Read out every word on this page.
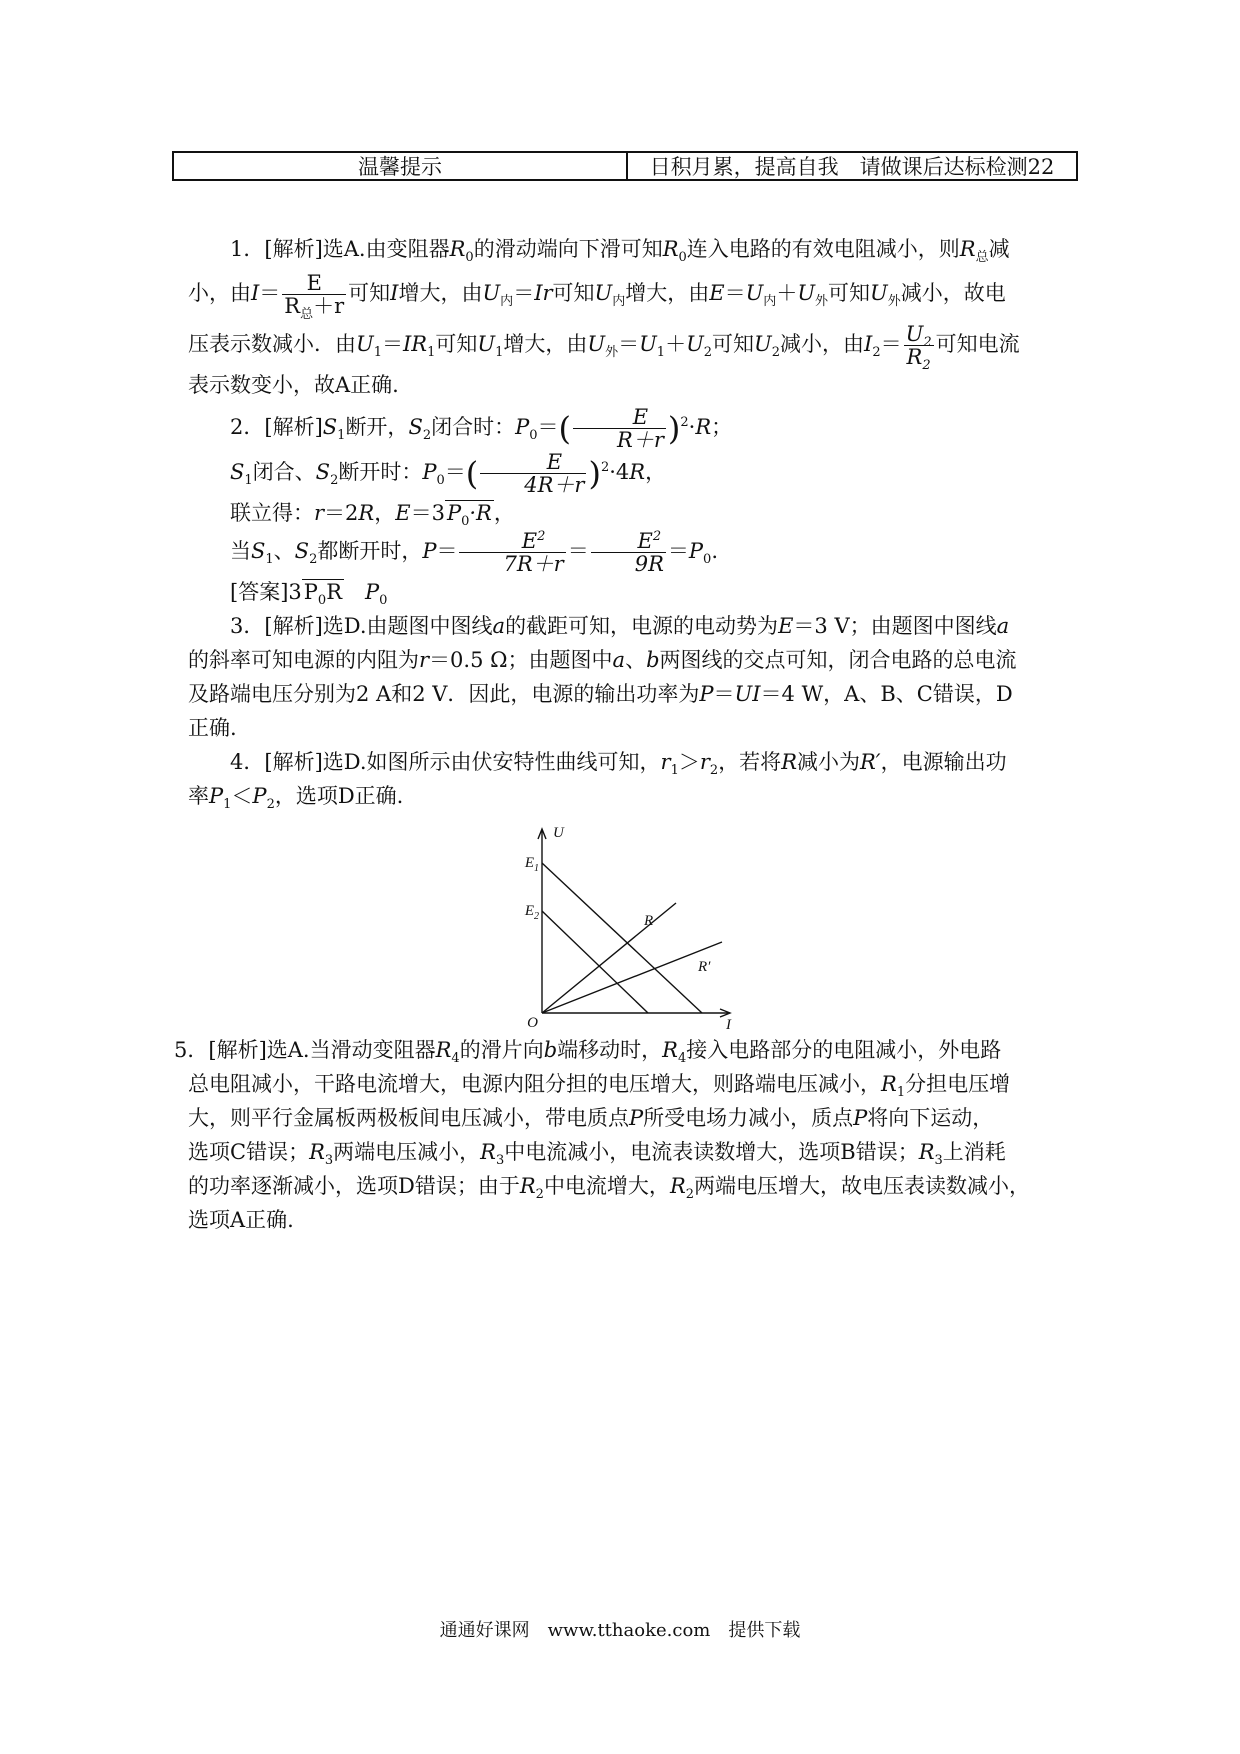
温馨提示	日积月累，提高自我　请做课后达标检测22
1．[解析]选A.由变阻器$R_0$的滑动端向下滑可知$R_0$连入电路的有效电阻减小，则$R_总$减
小，由$I= \frac{E}{R_总+r}$ 可知I增大，由$U_内=Ir$可知$U_内$增大，由$E=U_内+U_外$可知$U_外$减小，故电
压表示数减小．由$U_1=IR_1$可知$U_1$增大，由$U_外=U_1+U_2$可知$U_2$减小，由$I_2= \frac{U_2}{R_2}$ 可知电流
表示数变小，故A正确.
2．[解析]$S_1$断开，$S_2$闭合时：$P_0=( \frac{E}{R+r} )^2\cdot R$；
$S_1$闭合、$S_2$断开时：$P_0=( \frac{E}{4R+r} )^2\cdot 4R$，
联立得：r＝2R，$E=3P_0\cdot R$，
当$S_1$、$S_2$都断开时，$P= \frac{E^2}{7R+r} = \frac{E^2}{9R} =P_0$.
[答案]$3P_0R$　 $P_0$
3．[解析]选D.由题图中图线a的截距可知，电源的电动势为E＝3 V；由题图中图线a
的斜率可知电源的内阻为r＝0.5 Ω；由题图中a、b两图线的交点可知，闭合电路的总电流
及路端电压分别为2 A和2 V．因此，电源的输出功率为P＝UI＝4 W，A、B、C错误，D
正确.
4．[解析]选D.如图所示由伏安特性曲线可知，$r_1>r_2$，若将R减小为R′，电源输出功
率$P_1<P_2$，选项D正确.
U
I
O
$E_1$
$E_2$	R
R′
5．[解析]选A.当滑动变阻器$R_4$的滑片向b端移动时，$R_4$接入电路部分的电阻减小，外电路
总电阻减小，干路电流增大，电源内阻分担的电压增大，则路端电压减小，$R_1$分担电压增
大，则平行金属板两极板间电压减小，带电质点P所受电场力减小，质点P将向下运动，
选项C错误；$R_3$两端电压减小，$R_3$中电流减小，电流表读数增大，选项B错误；$R_3$上消耗
的功率逐渐减小，选项D错误；由于$R_2$中电流增大，$R_2$两端电压增大，故电压表读数减小，
选项A正确.
通通好课网　www.tthaoke.com　提供下载
